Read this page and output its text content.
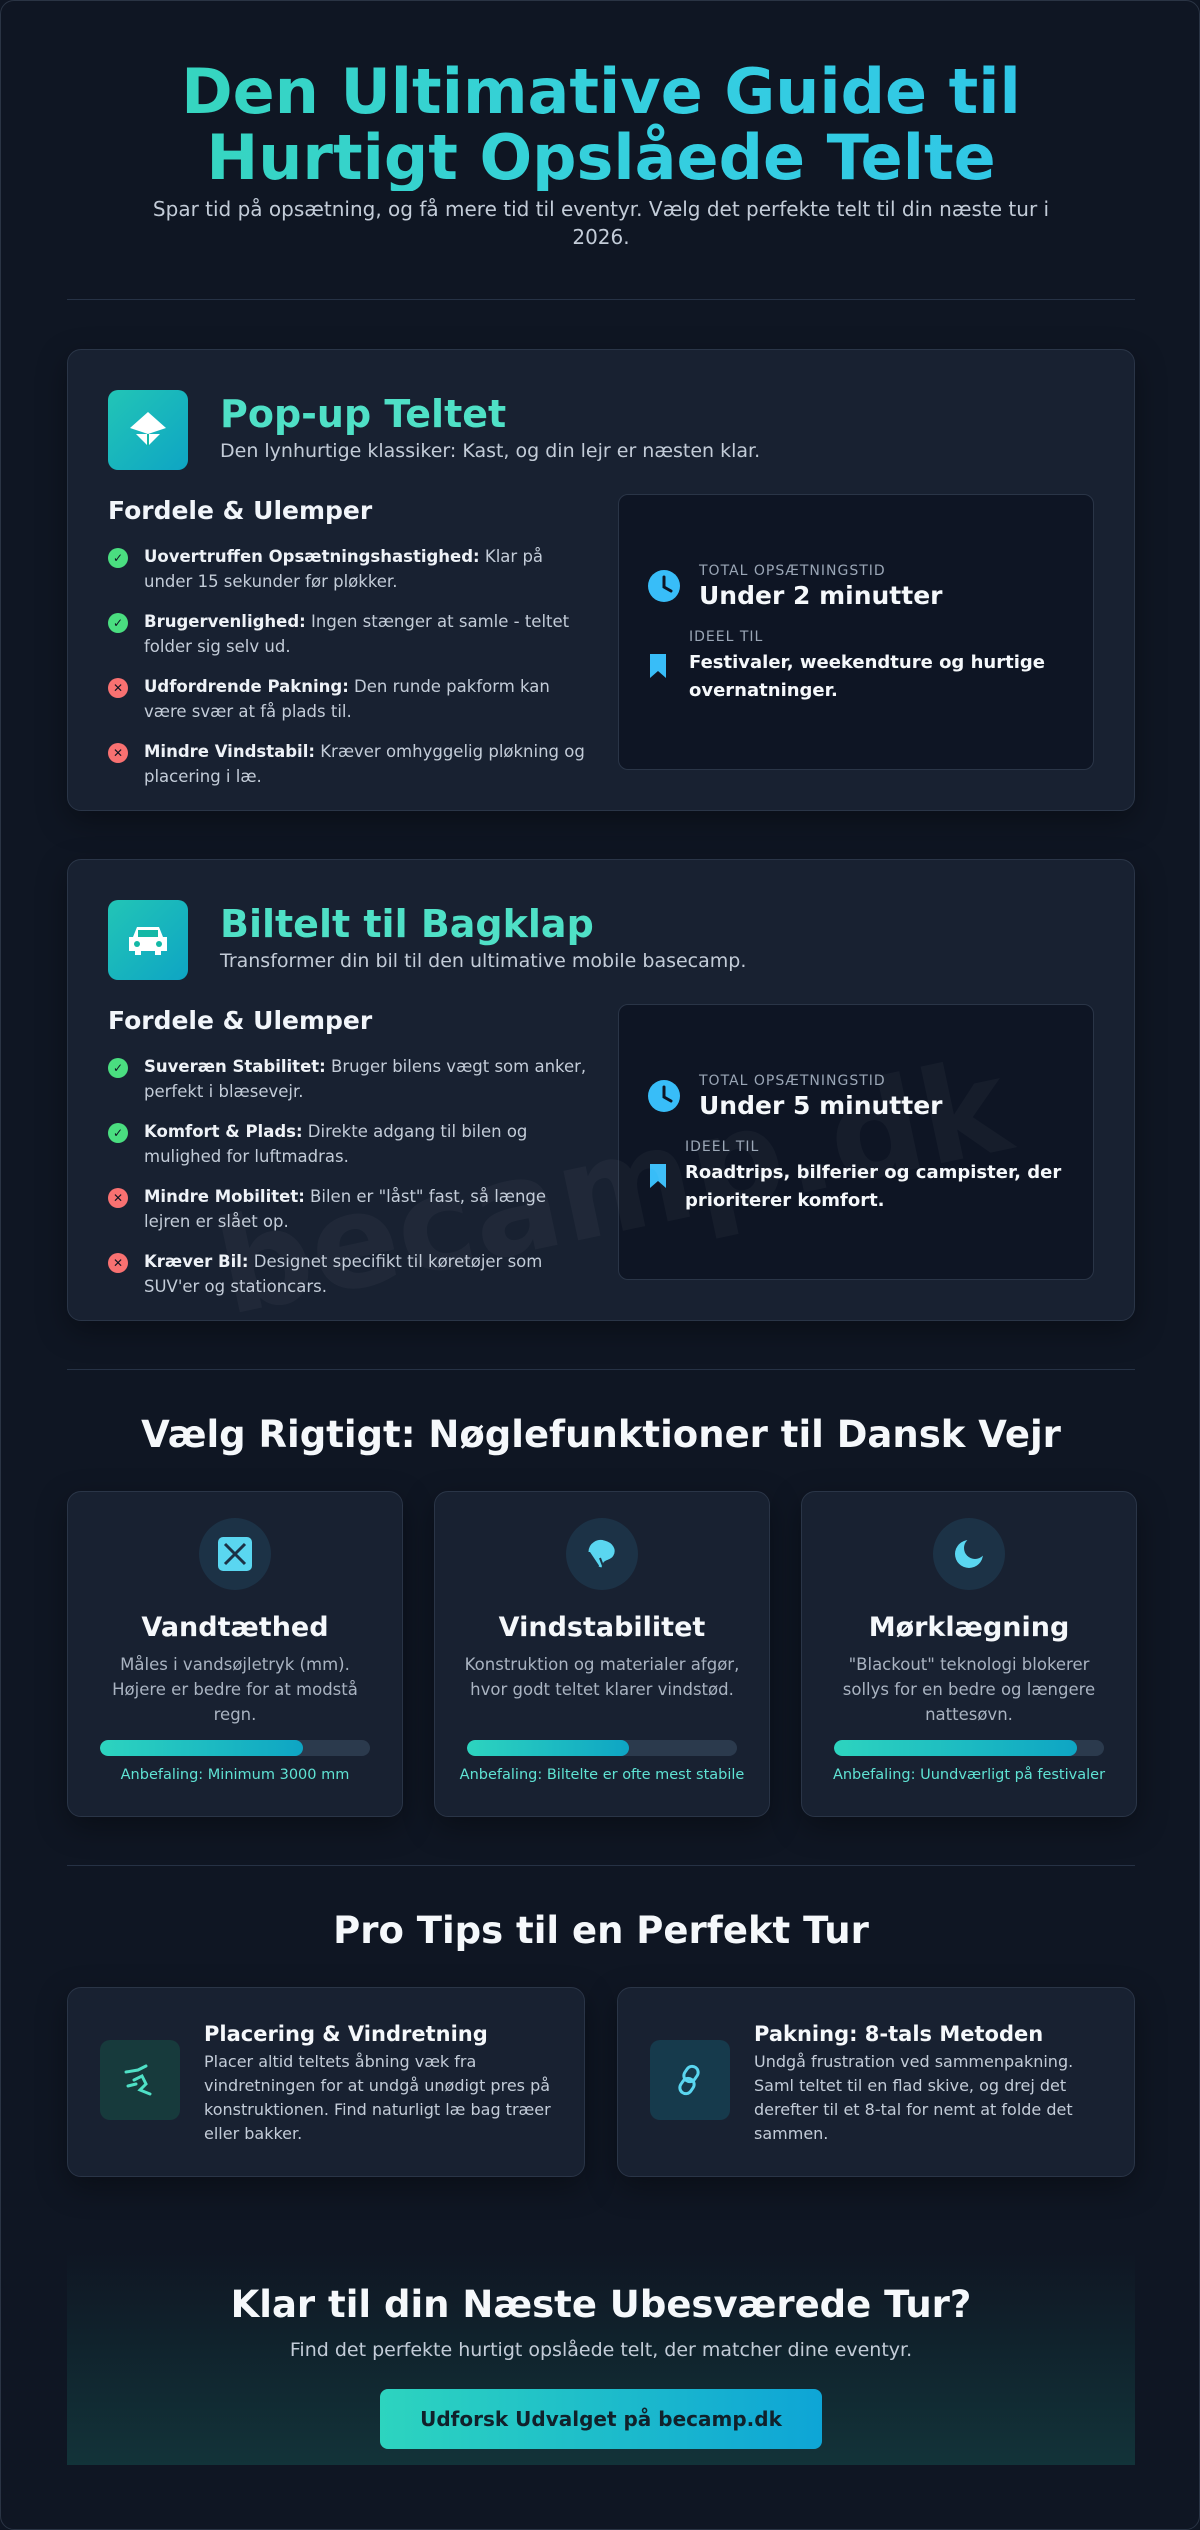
Den Ultimative Guide til Hurtigt Opslåede Telte
Spar tid på opsætning, og få mere tid til eventyr. Vælg det perfekte telt til din næste tur i 2026.
Pop-up Teltet
Den lynhurtige klassiker: Kast, og din lejr er næsten klar.
Fordele & Ulemper
✓	Uovertruffen Opsætningshastighed: Klar på under 15 sekunder før pløkker.
✓	Brugervenlighed: Ingen stænger at samle - teltet folder sig selv ud.
✕	Udfordrende Pakning: Den runde pakform kan være svær at få plads til.
✕	Mindre Vindstabil: Kræver omhyggelig pløkning og placering i læ.
TOTAL OPSÆTNINGSTID
Under 2 minutter
IDEEL TIL
Festivaler, weekendture og hurtige overnatninger.
Biltelt til Bagklap
Transformer din bil til den ultimative mobile basecamp.
Fordele & Ulemper
✓	Suveræn Stabilitet: Bruger bilens vægt som anker, perfekt i blæsevejr.
✓	Komfort & Plads: Direkte adgang til bilen og mulighed for luftmadras.
✕	Mindre Mobilitet: Bilen er "låst" fast, så længe lejren er slået op.
✕	Kræver Bil: Designet specifikt til køretøjer som SUV'er og stationcars.
TOTAL OPSÆTNINGSTID
Under 5 minutter
IDEEL TIL
Roadtrips, bilferier og campister, der prioriterer komfort.
Vælg Rigtigt: Nøglefunktioner til Dansk Vejr
Vandtæthed
Måles i vandsøjletryk (mm). Højere er bedre for at modstå regn.
Anbefaling: Minimum 3000 mm
Vindstabilitet
Konstruktion og materialer afgør, hvor godt teltet klarer vindstød.
Anbefaling: Biltelte er ofte mest stabile
Mørklægning
"Blackout" teknologi blokerer sollys for en bedre og længere nattesøvn.
Anbefaling: Uundværligt på festivaler
Pro Tips til en Perfekt Tur
Placering & Vindretning
Placer altid teltets åbning væk fra vindretningen for at undgå unødigt pres på konstruktionen. Find naturligt læ bag træer eller bakker.
Pakning: 8-tals Metoden
Undgå frustration ved sammenpakning. Saml teltet til en flad skive, og drej det derefter til et 8-tal for nemt at folde det sammen.
Klar til din Næste Ubesværede Tur?
Find det perfekte hurtigt opslåede telt, der matcher dine eventyr.
Udforsk Udvalget på becamp.dk
